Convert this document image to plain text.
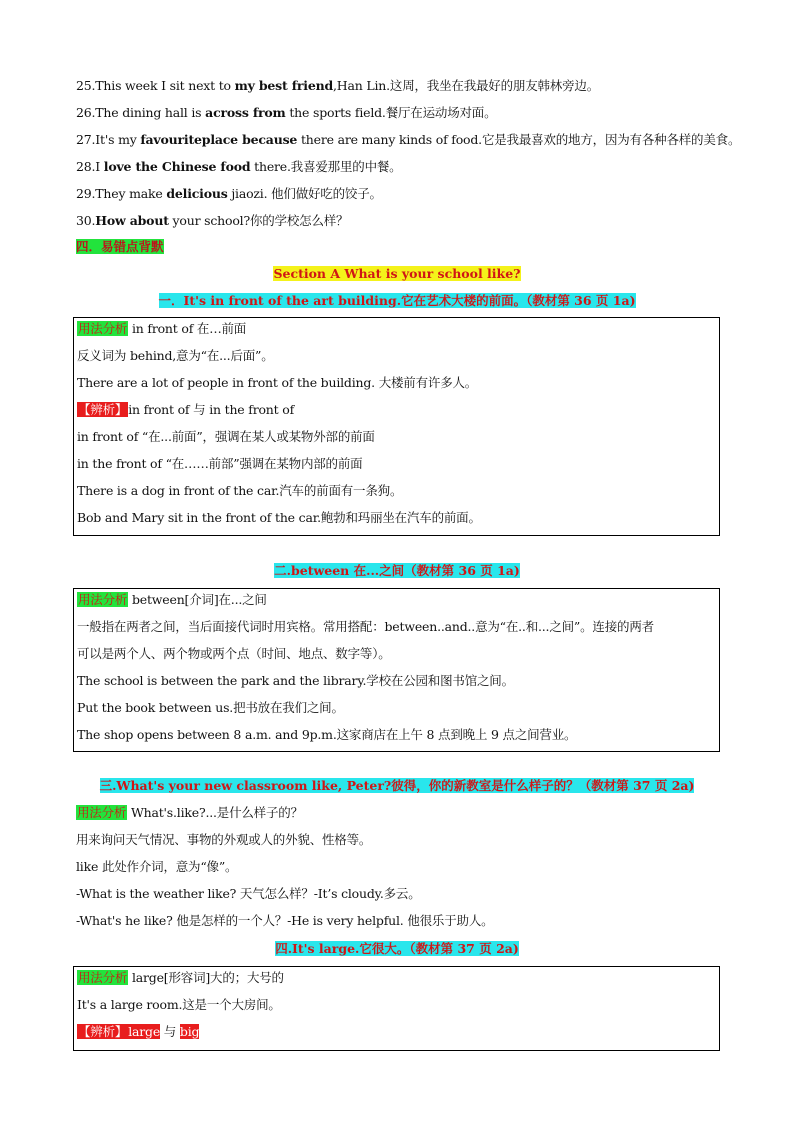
25.This week I sit next to my best friend,Han Lin.这周，我坐在我最好的朋友韩林旁边。
26.The dining hall is across from the sports field.餐厅在运动场对面。
27.It's my favouriteplace because there are many kinds of food.它是我最喜欢的地方，因为有各种各样的美食。
28.I love the Chinese food there.我喜爱那里的中餐。
29.They make delicious jiaozi. 他们做好吃的饺子。
30.How about your school?你的学校怎么样？
四．易错点背默
Section A What is your school like?
一．It's in front of the art building.它在艺术大楼的前面。（教材第 36 页 1a)
用法分析 in front of 在…前面
反义词为 behind,意为“在...后面”。
There are a lot of people in front of the building. 大楼前有许多人。
【辨析】in front of 与 in the front of
in front of “在...前面”，强调在某人或某物外部的前面
in the front of “在……前部”强调在某物内部的前面
There is a dog in front of the car.汽车的前面有一条狗。
Bob and Mary sit in the front of the car.鲍勃和玛丽坐在汽车的前面。
二.between 在...之间（教材第 36 页 1a)
用法分析 between[介词]在...之间
一般指在两者之间，当后面接代词时用宾格。常用搭配：between..and..意为“在..和...之间”。连接的两者
可以是两个人、两个物或两个点（时间、地点、数字等）。
The school is between the park and the library.学校在公园和图书馆之间。
Put the book between us.把书放在我们之间。
The shop opens between 8 a.m. and 9p.m.这家商店在上午 8 点到晚上 9 点之间营业。
三.What's your new classroom like, Peter?彼得，你的新教室是什么样子的？（教材第 37 页 2a)
用法分析 What's.like?...是什么样子的？
用来询问天气情况、事物的外观或人的外貌、性格等。
like 此处作介词，意为“像”。
-What is the weather like? 天气怎么样？-It’s cloudy.多云。
-What's he like? 他是怎样的一个人？-He is very helpful. 他很乐于助人。
四.It's large.它很大。（教材第 37 页 2a)
用法分析 large[形容词]大的；大号的
It's a large room.这是一个大房间。
【辨析】large 与 big
